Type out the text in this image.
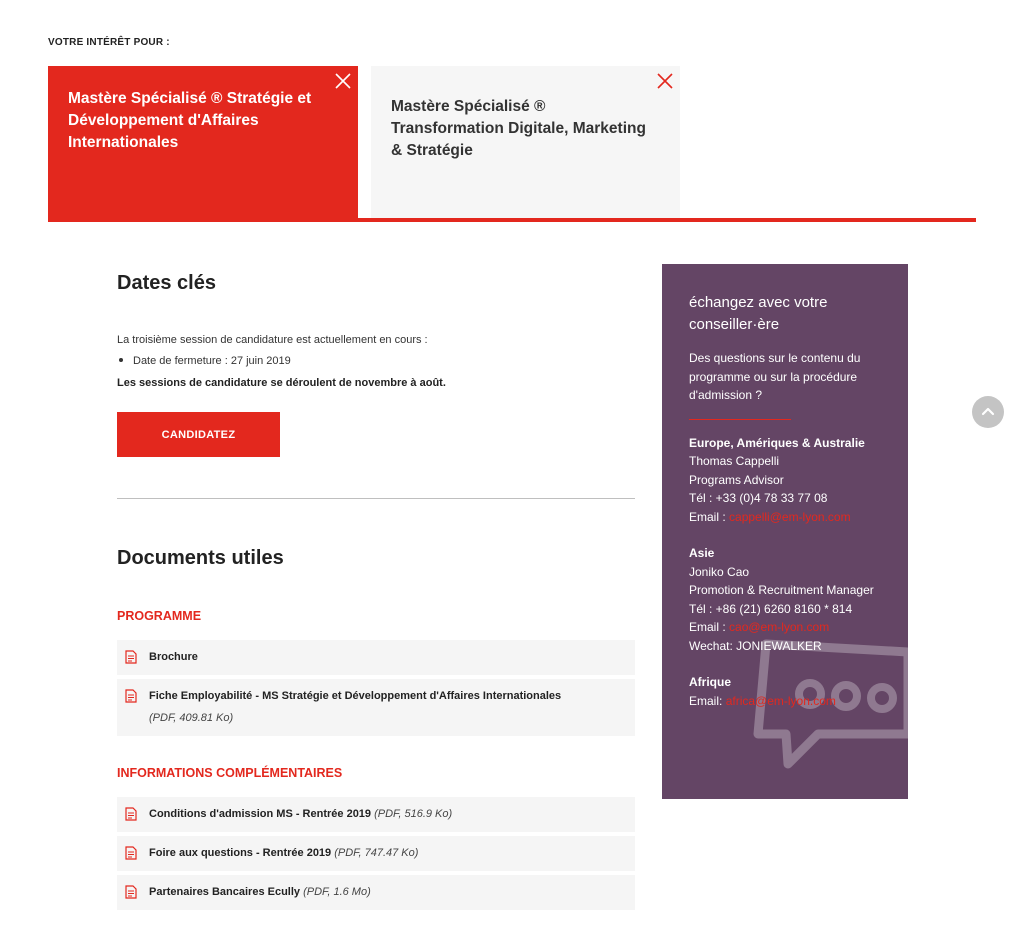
VOTRE INTÉRÊT POUR :
Mastère Spécialisé ® Stratégie et Développement d'Affaires Internationales
Mastère Spécialisé ® Transformation Digitale, Marketing & Stratégie
Dates clés

La troisième session de candidature est actuellement en cours :

Date de fermeture : 27 juin 2019

Les sessions de candidature se déroulent de novembre à août.

CANDIDATEZ
Documents utiles
PROGRAMME
Brochure
Fiche Employabilité - MS Stratégie et Développement d'Affaires Internationales
(PDF, 409.81 Ko)
INFORMATIONS COMPLÉMENTAIRES
Conditions d'admission MS - Rentrée 2019 (PDF, 516.9 Ko)
Foire aux questions - Rentrée 2019 (PDF, 747.47 Ko)
Partenaires Bancaires Ecully (PDF, 1.6 Mo)
échangez avec votre conseiller·ère
Des questions sur le contenu du programme ou sur la procédure d'admission ?
Europe, Amériques & Australie
Thomas Cappelli
Programs Advisor
Tél : +33 (0)4 78 33 77 08
Email : cappelli@em-lyon.com
Asie
Joniko Cao
Promotion & Recruitment Manager
Tél : +86 (21) 6260 8160 * 814
Email : cao@em-lyon.com
Wechat: JONIEWALKER
Afrique
Email: africa@em-lyon.com
